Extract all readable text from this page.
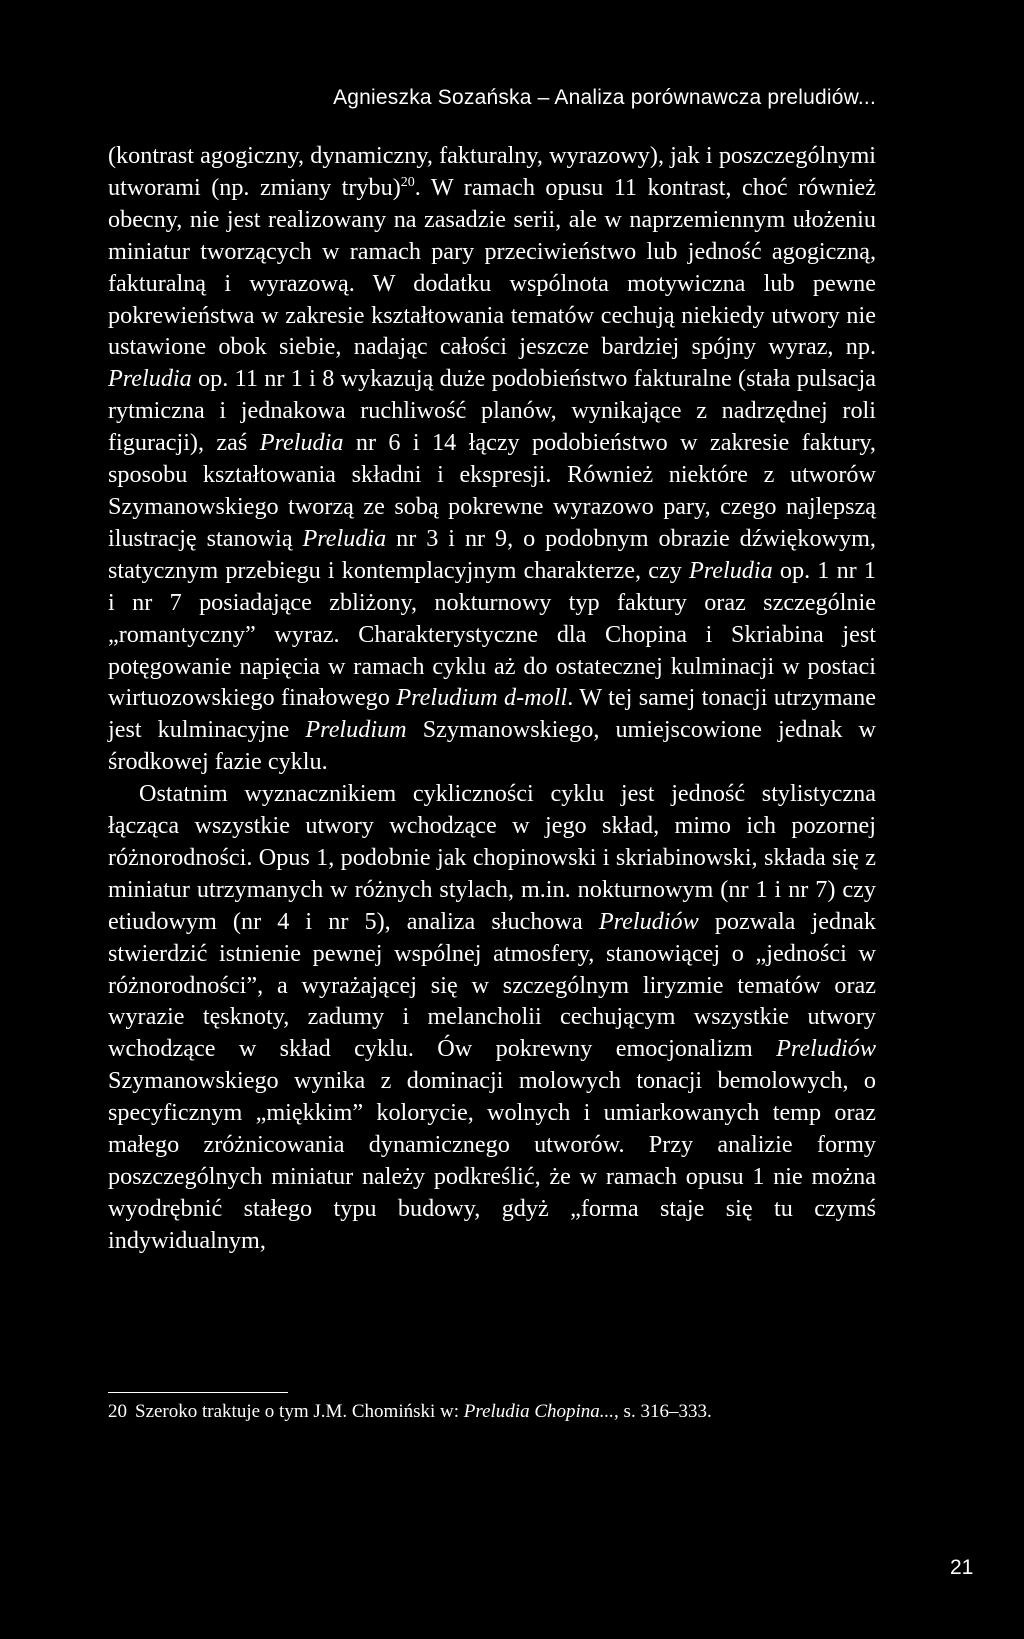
Agnieszka Sozańska – Analiza porównawcza preludiów...

(kontrast agogiczny, dynamiczny, fakturalny, wyrazowy), jak i poszczególnymi utworami (np. zmiany trybu)$^{20}$. W ramach opusu 11 kontrast, choć również obecny, nie jest realizowany na zasadzie serii, ale w naprzemiennym ułożeniu miniatur tworzących w ramach pary przeciwieństwo lub jedność agogiczną, fakturalną i wyrazową. W dodatku wspólnota motywiczna lub pewne pokrewieństwa w zakresie kształtowania tematów cechują niekiedy utwory nie ustawione obok siebie, nadając całości jeszcze bardziej spójny wyraz, np. Preludia op. 11 nr 1 i 8 wykazują duże podobieństwo fakturalne (stała pulsacja rytmiczna i jednakowa ruchliwość planów, wynikające z nadrzędnej roli figuracji), zaś Preludia nr 6 i 14 łączy podobieństwo w zakresie faktury, sposobu kształtowania składni i ekspresji. Również niektóre z utworów Szymanowskiego tworzą ze sobą pokrewne wyrazowo pary, czego najlepszą ilustrację stanowią Preludia nr 3 i nr 9, o podobnym obrazie dźwiękowym, statycznym przebiegu i kontemplacyjnym charakterze, czy Preludia op. 1 nr 1 i nr 7 posiadające zbliżony, nokturnowy typ faktury oraz szczególnie „romantyczny” wyraz. Charakterystyczne dla Chopina i Skriabina jest potęgowanie napięcia w ramach cyklu aż do ostatecznej kulminacji w postaci wirtuozowskiego finałowego Preludium d-moll. W tej samej tonacji utrzymane jest kulminacyjne Preludium Szymanowskiego, umiejscowione jednak w środkowej fazie cyklu.

Ostatnim wyznacznikiem cykliczności cyklu jest jedność stylistyczna łącząca wszystkie utwory wchodzące w jego skład, mimo ich pozornej różnorodności. Opus 1, podobnie jak chopinowski i skriabinowski, składa się z miniatur utrzymanych w różnych stylach, m.in. nokturnowym (nr 1 i nr 7) czy etiudowym (nr 4 i nr 5), analiza słuchowa Preludiów pozwala jednak stwierdzić istnienie pewnej wspólnej atmosfery, stanowiącej o „jedności w różnorodności”, a wyrażającej się w szczególnym liryzmie tematów oraz wyrazie tęsknoty, zadumy i melancholii cechującym wszystkie utwory wchodzące w skład cyklu. Ów pokrewny emocjonalizm Preludiów Szymanowskiego wynika z dominacji molowych tonacji bemolowych, o specyficznym „miękkim” kolorycie, wolnych i umiarkowanych temp oraz małego zróżnicowania dynamicznego utworów. Przy analizie formy poszczególnych miniatur należy podkreślić, że w ramach opusu 1 nie można wyodrębnić stałego typu budowy, gdyż „forma staje się tu czymś indywidualnym,

20 Szeroko traktuje o tym J.M. Chomiński w: Preludia Chopina..., s. 316–333.
21
